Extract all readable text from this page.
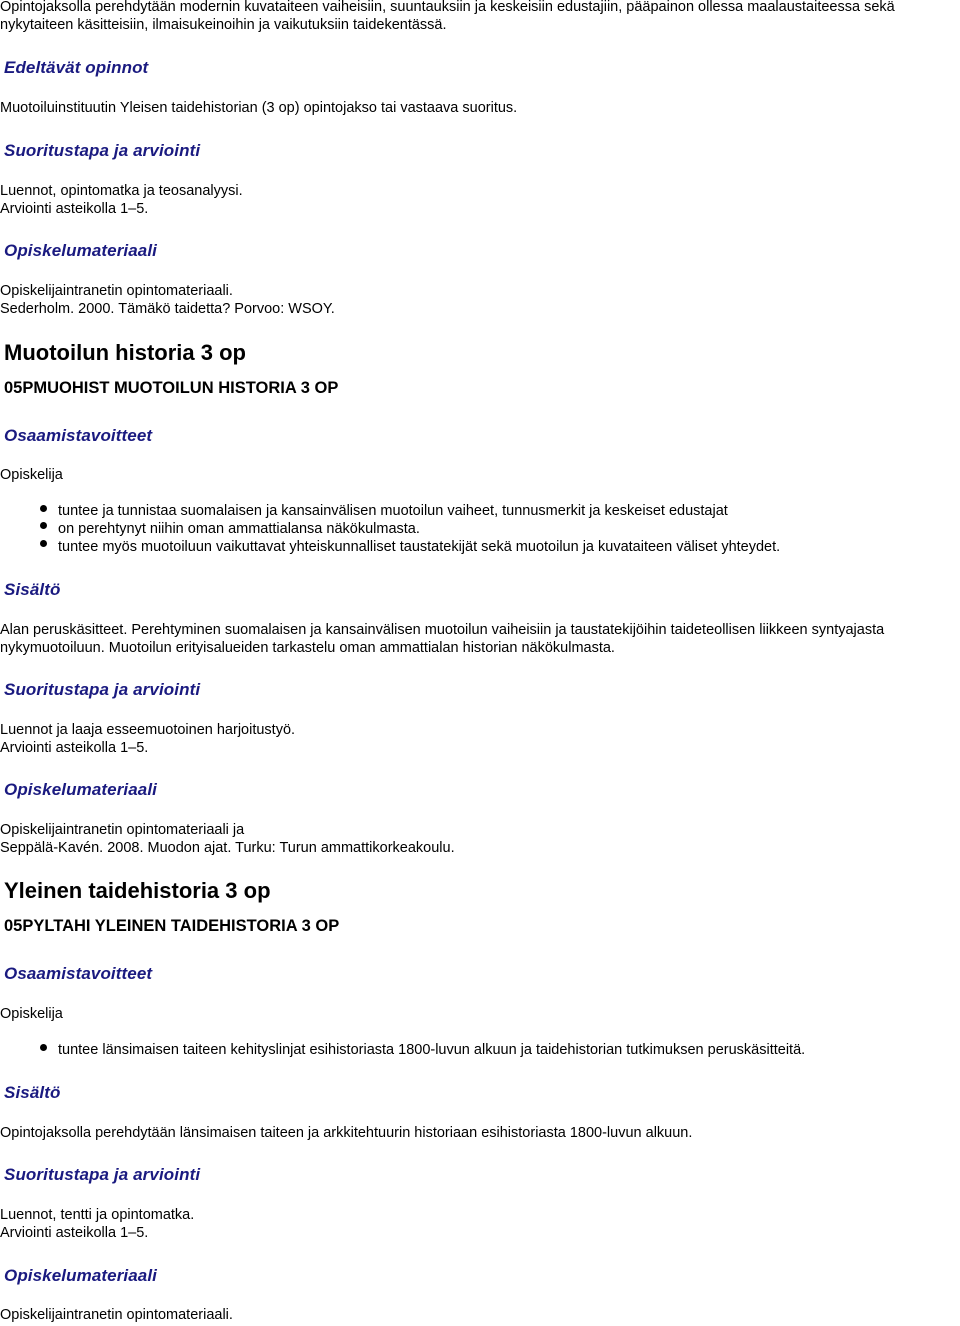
Opintojaksolla perehdytään modernin kuvataiteen vaiheisiin, suuntauksiin ja keskeisiin edustajiin, pääpainon ollessa maalaustaiteessa sekä
nykytaiteen käsitteisiin, ilmaisukeinoihin ja vaikutuksiin taidekentässä.
Edeltävät opinnot
Muotoiluinstituutin Yleisen taidehistorian (3 op) opintojakso tai vastaava suoritus.
Suoritustapa ja arviointi
Luennot, opintomatka ja teosanalyysi.
Arviointi asteikolla 1–5.
Opiskelumateriaali
Opiskelijaintranetin opintomateriaali.
Sederholm. 2000. Tämäkö taidetta? Porvoo: WSOY.
Muotoilun historia 3 op
05PMUOHIST MUOTOILUN HISTORIA 3 OP
Osaamistavoitteet
Opiskelija
tuntee ja tunnistaa suomalaisen ja kansainvälisen muotoilun vaiheet, tunnusmerkit ja keskeiset edustajat
on perehtynyt niihin oman ammattialansa näkökulmasta.
tuntee myös muotoiluun vaikuttavat yhteiskunnalliset taustatekijät sekä muotoilun ja kuvataiteen väliset yhteydet.
Sisältö
Alan peruskäsitteet. Perehtyminen suomalaisen ja kansainvälisen muotoilun vaiheisiin ja taustatekijöihin taideteollisen liikkeen syntyajasta
nykymuotoiluun. Muotoilun erityisalueiden tarkastelu oman ammattialan historian näkökulmasta.
Suoritustapa ja arviointi
Luennot ja laaja esseemuotoinen harjoitustyö.
Arviointi asteikolla 1–5.
Opiskelumateriaali
Opiskelijaintranetin opintomateriaali ja
Seppälä-Kavén. 2008. Muodon ajat. Turku: Turun ammattikorkeakoulu.
Yleinen taidehistoria 3 op
05PYLTAHI YLEINEN TAIDEHISTORIA 3 OP
Osaamistavoitteet
Opiskelija
tuntee länsimaisen taiteen kehityslinjat esihistoriasta 1800-luvun alkuun ja taidehistorian tutkimuksen peruskäsitteitä.
Sisältö
Opintojaksolla perehdytään länsimaisen taiteen ja arkkitehtuurin historiaan esihistoriasta 1800-luvun alkuun.
Suoritustapa ja arviointi
Luennot, tentti ja opintomatka.
Arviointi asteikolla 1–5.
Opiskelumateriaali
Opiskelijaintranetin opintomateriaali.
